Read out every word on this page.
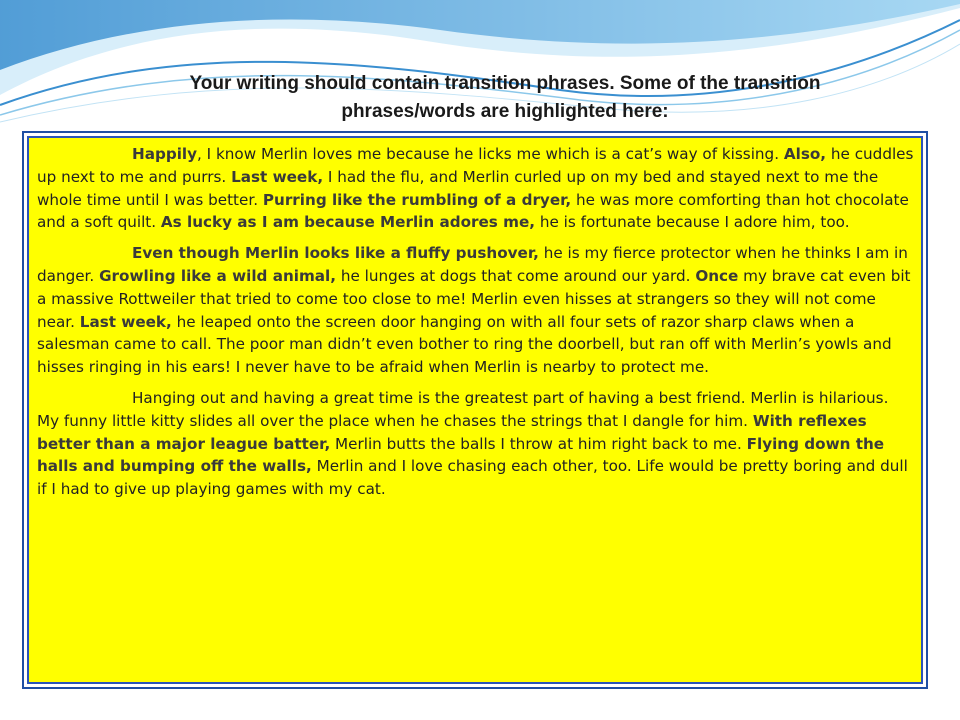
Your writing should contain transition phrases. Some of the transition
phrases/words are highlighted here:

Happily, I know Merlin loves me because he licks me which is a cat’s way of kissing. Also, he cuddles up next to me and purrs. Last week, I had the flu, and Merlin curled up on my bed and stayed next to me the whole time until I was better. Purring like the rumbling of a dryer, he was more comforting than hot chocolate and a soft quilt. As lucky as I am because Merlin adores me, he is fortunate because I adore him, too.

Even though Merlin looks like a fluffy pushover, he is my fierce protector when he thinks I am in danger. Growling like a wild animal, he lunges at dogs that come around our yard. Once my brave cat even bit a massive Rottweiler that tried to come too close to me! Merlin even hisses at strangers so they will not come near. Last week, he leaped onto the screen door hanging on with all four sets of razor sharp claws when a salesman came to call. The poor man didn’t even bother to ring the doorbell, but ran off with Merlin’s yowls and hisses ringing in his ears! I never have to be afraid when Merlin is nearby to protect me.

Hanging out and having a great time is the greatest part of having a best friend. Merlin is hilarious. My funny little kitty slides all over the place when he chases the strings that I dangle for him. With reflexes better than a major league batter, Merlin butts the balls I throw at him right back to me. Flying down the halls and bumping off the walls, Merlin and I love chasing each other, too. Life would be pretty boring and dull if I had to give up playing games with my cat.
